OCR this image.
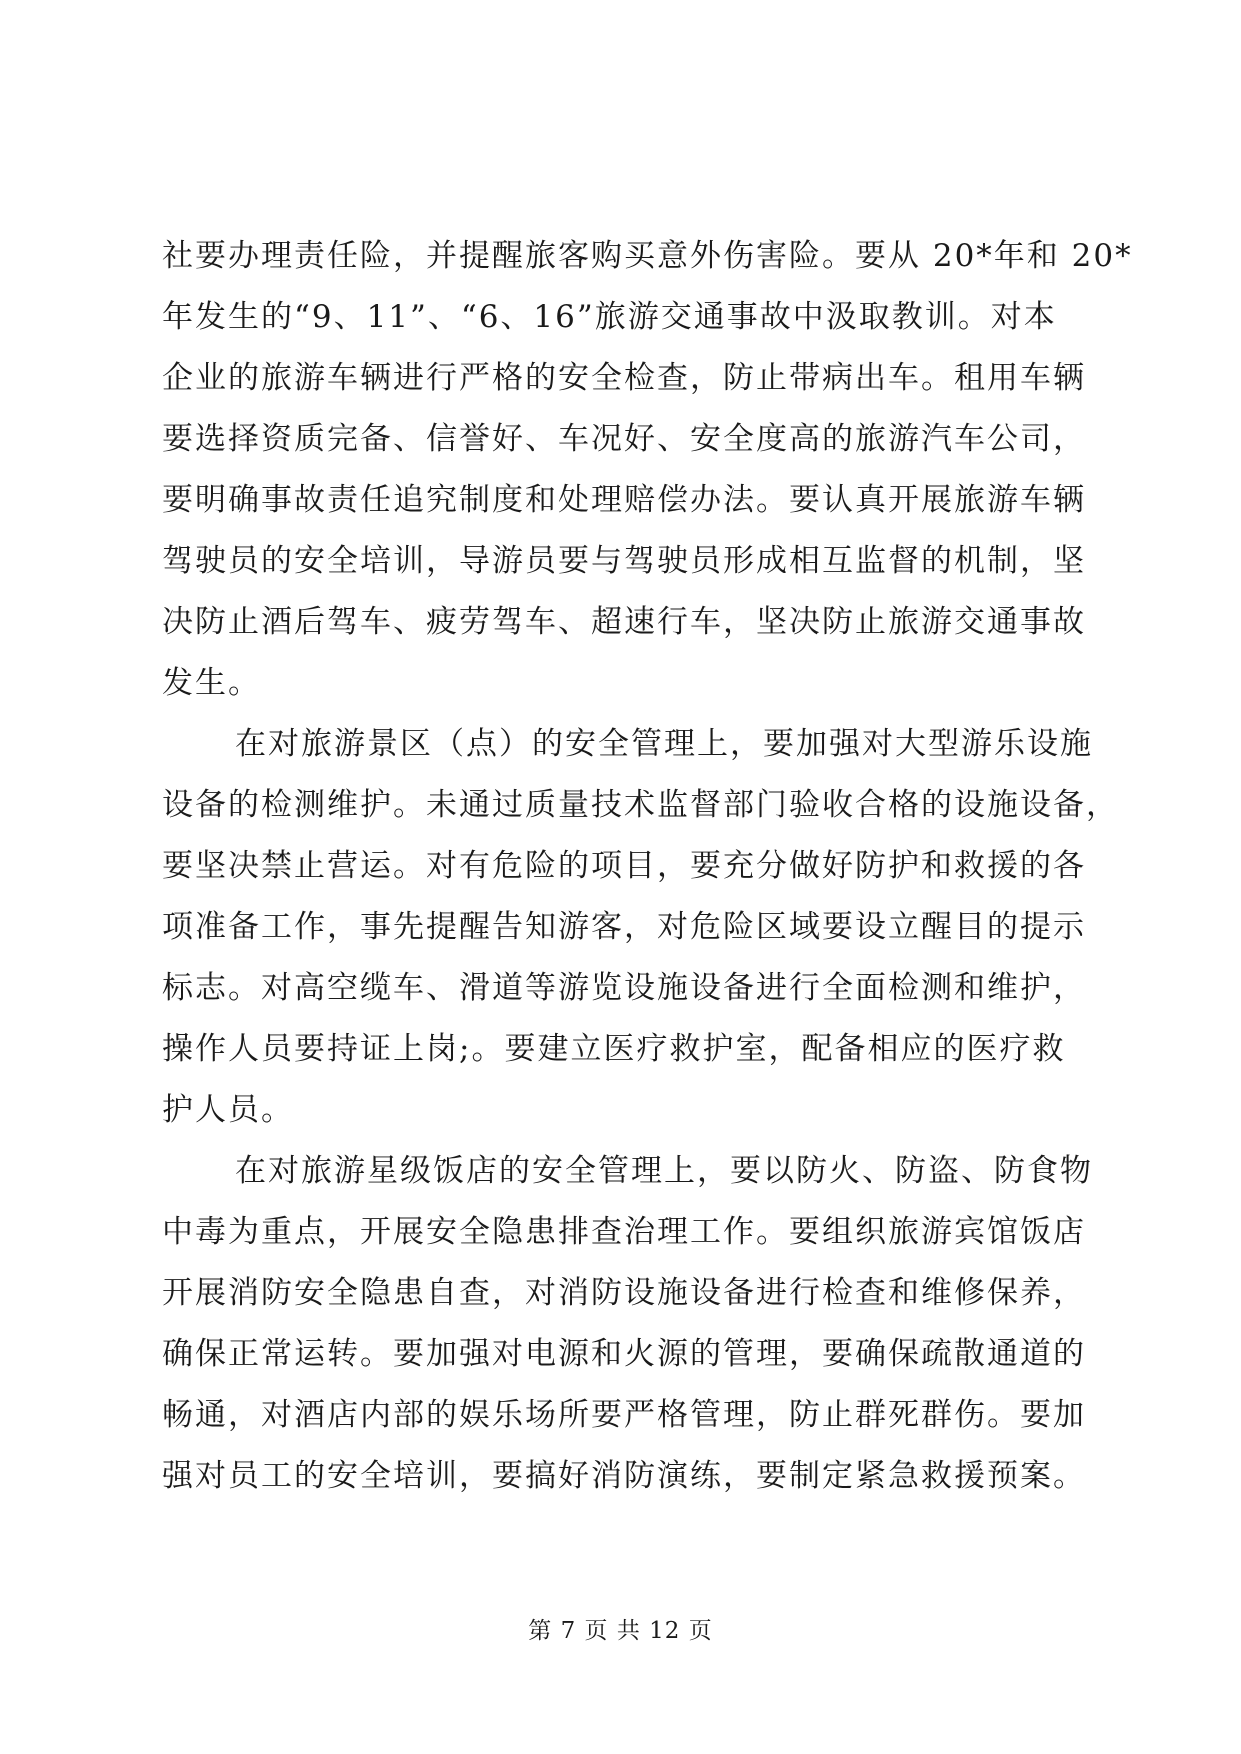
社要办理责任险，并提醒旅客购买意外伤害险。要从 20*年和 20*
年发生的“9、11”、“6、16”旅游交通事故中汲取教训。对本
企业的旅游车辆进行严格的安全检查，防止带病出车。租用车辆
要选择资质完备、信誉好、车况好、安全度高的旅游汽车公司，
要明确事故责任追究制度和处理赔偿办法。要认真开展旅游车辆
驾驶员的安全培训，导游员要与驾驶员形成相互监督的机制，坚
决防止酒后驾车、疲劳驾车、超速行车，坚决防止旅游交通事故
发生。
在对旅游景区（点）的安全管理上，要加强对大型游乐设施
设备的检测维护。未通过质量技术监督部门验收合格的设施设备，
要坚决禁止营运。对有危险的项目，要充分做好防护和救援的各
项准备工作，事先提醒告知游客，对危险区域要设立醒目的提示
标志。对高空缆车、滑道等游览设施设备进行全面检测和维护，
操作人员要持证上岗;。要建立医疗救护室，配备相应的医疗救
护人员。
在对旅游星级饭店的安全管理上，要以防火、防盗、防食物
中毒为重点，开展安全隐患排查治理工作。要组织旅游宾馆饭店
开展消防安全隐患自查，对消防设施设备进行检查和维修保养，
确保正常运转。要加强对电源和火源的管理，要确保疏散通道的
畅通，对酒店内部的娱乐场所要严格管理，防止群死群伤。要加
强对员工的安全培训，要搞好消防演练，要制定紧急救援预案。
第 7 页 共 12 页
